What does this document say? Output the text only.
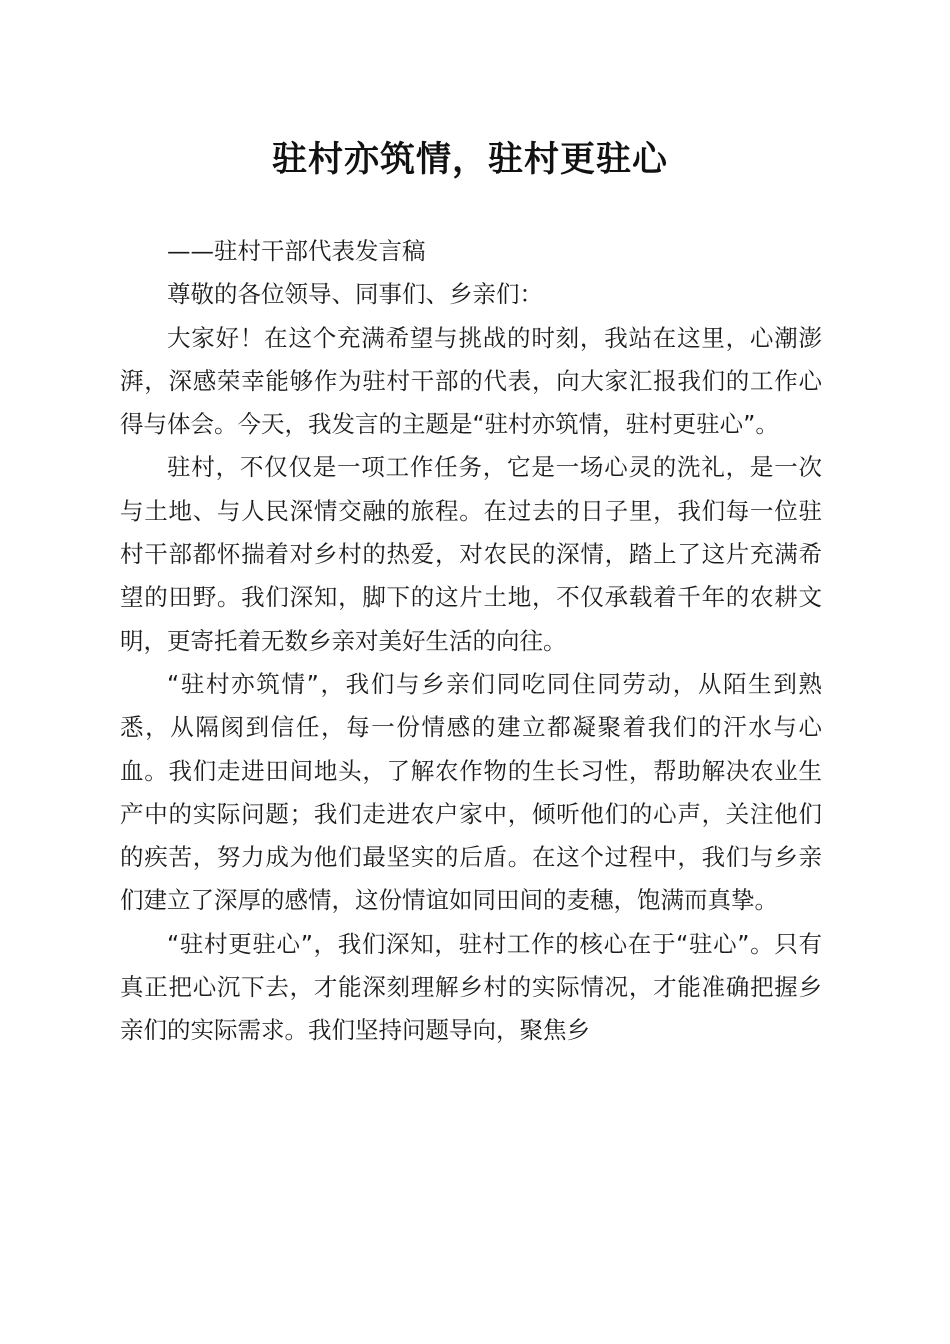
驻村亦筑情，驻村更驻心

——驻村干部代表发言稿

尊敬的各位领导、同事们、乡亲们：

大家好！在这个充满希望与挑战的时刻，我站在这里，心潮澎湃，深感荣幸能够作为驻村干部的代表，向大家汇报我们的工作心得与体会。今天，我发言的主题是“驻村亦筑情，驻村更驻心”。

驻村，不仅仅是一项工作任务，它是一场心灵的洗礼，是一次与土地、与人民深情交融的旅程。在过去的日子里，我们每一位驻村干部都怀揣着对乡村的热爱，对农民的深情，踏上了这片充满希望的田野。我们深知，脚下的这片土地，不仅承载着千年的农耕文明，更寄托着无数乡亲对美好生活的向往。

“驻村亦筑情”，我们与乡亲们同吃同住同劳动，从陌生到熟悉，从隔阂到信任，每一份情感的建立都凝聚着我们的汗水与心血。我们走进田间地头，了解农作物的生长习性，帮助解决农业生产中的实际问题；我们走进农户家中，倾听他们的心声，关注他们的疾苦，努力成为他们最坚实的后盾。在这个过程中，我们与乡亲们建立了深厚的感情，这份情谊如同田间的麦穗，饱满而真挚。

“驻村更驻心”，我们深知，驻村工作的核心在于“驻心”。只有真正把心沉下去，才能深刻理解乡村的实际情况，才能准确把握乡亲们的实际需求。我们坚持问题导向，聚焦乡
